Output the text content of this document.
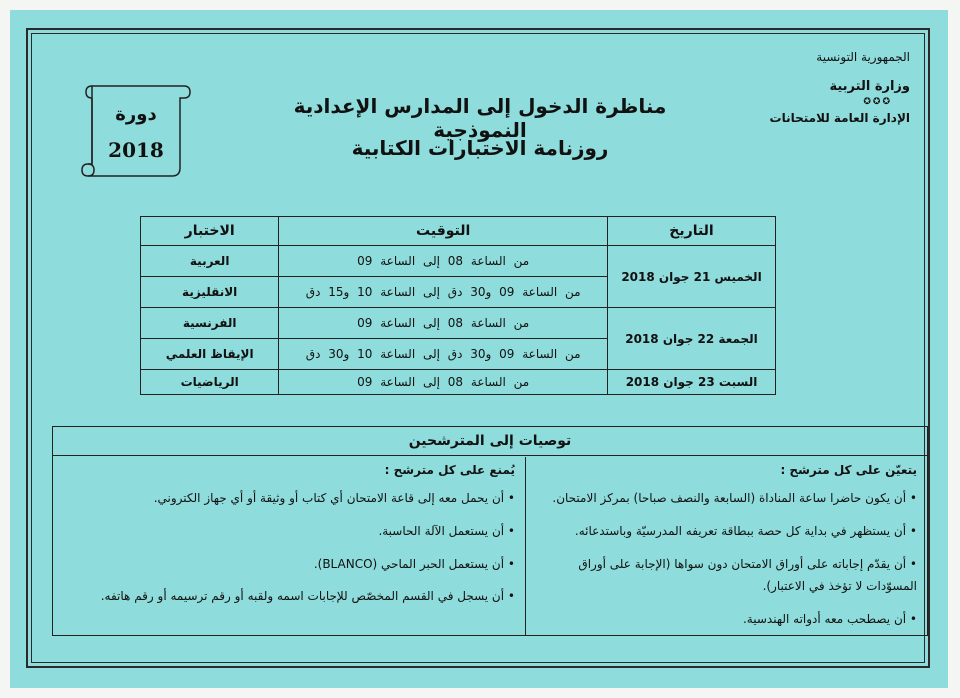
الجمهورية التونسية
وزارة التربية
✪✪✪
الإدارة العامة للامتحانات
دورة
2018
مناظرة الدخول إلى المدارس الإعدادية النموذجية
روزنامة الاختبارات الكتابية
التاريخ	التوقيت	الاختبار
الخميس 21 جوان 2018	من الساعة 08 إلى الساعة 09	العربية
	من الساعة 09 و30 دق إلى الساعة 10 و15 دق	الانقليزية
الجمعة 22 جوان 2018	من الساعة 08 إلى الساعة 09	الفرنسية
	من الساعة 09 و30 دق إلى الساعة 10 و30 دق	الإيقاظ العلمي
السبت 23 جوان 2018	من الساعة 08 إلى الساعة 09	الرياضيات
توصيات إلى المترشحين
يتعيّن على كل مترشح :
• أن يكون حاضرا ساعة المناداة (السابعة والنصف صباحا) بمركز الامتحان.
• أن يستظهر في بداية كل حصة ببطاقة تعريفه المدرسيّة وباستدعائه.
• أن يقدّم إجاباته على أوراق الامتحان دون سواها (الإجابة على أوراق المسوّدات لا تؤخذ في الاعتبار).
• أن يصطحب معه أدواته الهندسية.
يُمنع على كل مترشح :
• أن يحمل معه إلى قاعة الامتحان أي كتاب أو وثيقة أو أي جهاز الكتروني.
• أن يستعمل الآلة الحاسبة.
• أن يستعمل الحبر الماحي (BLANCO).
• أن يسجل في القسم المخصّص للإجابات اسمه ولقبه أو رقم ترسيمه أو رقم هاتفه.
